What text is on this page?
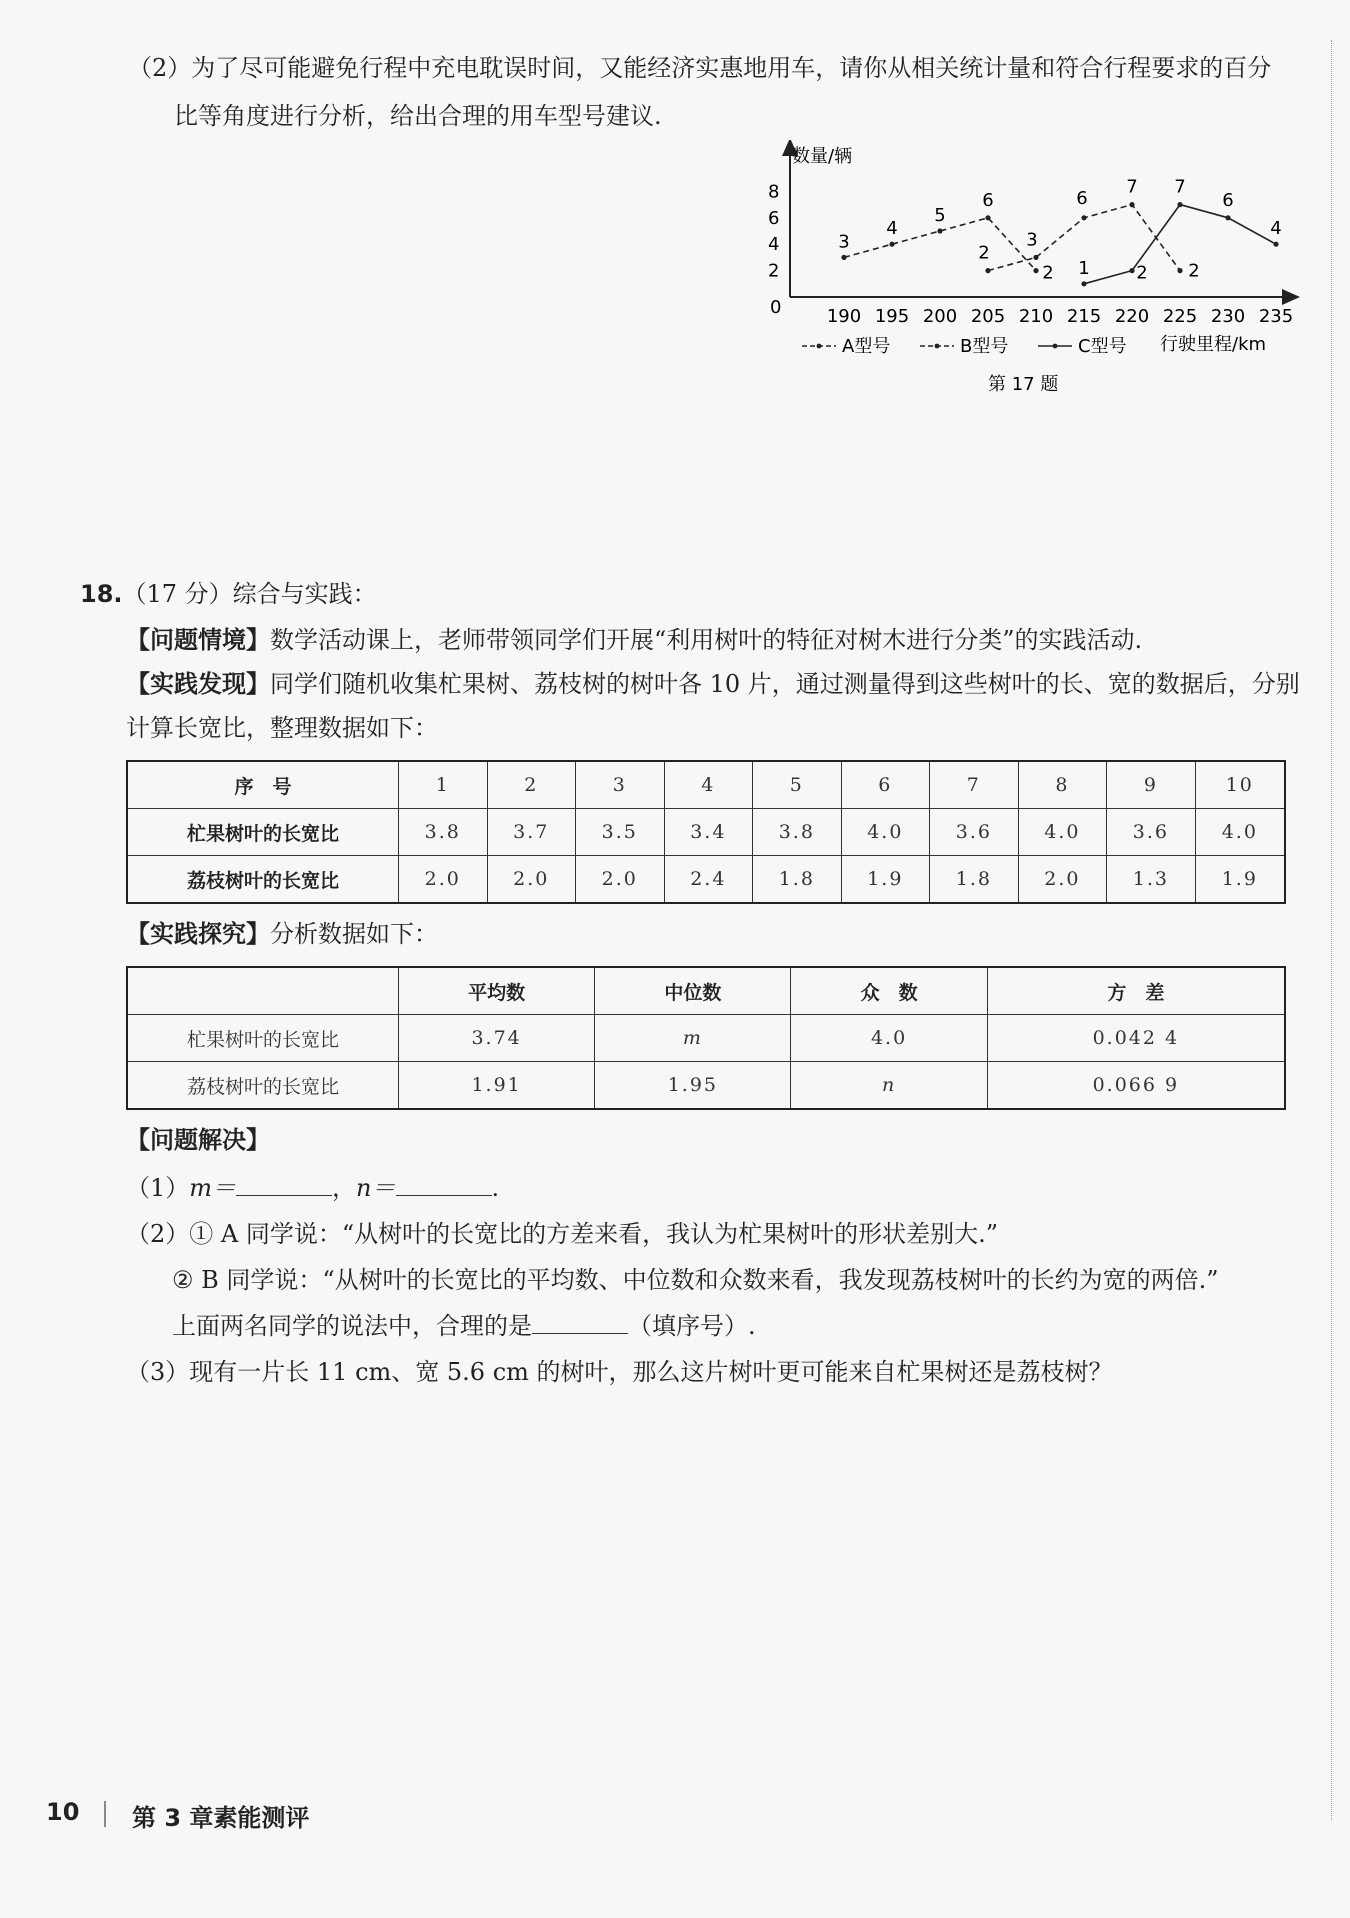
（2）为了尽可能避免行程中充电耽误时间，又能经济实惠地用车，请你从相关统计量和符合行程要求的百分
比等角度进行分析，给出合理的用车型号建议.
数量/辆
0
2
4
6
8
190 195 200 205 210 215 220 225 230 235
3
4
5
6
2
2
3
6
7
2
1	2
7
6
4
A型号	B型号	C型号 行驶里程/km
第 17 题
18.（17 分）综合与实践：
【问题情境】数学活动课上，老师带领同学们开展“利用树叶的特征对树木进行分类”的实践活动.
【实践发现】同学们随机收集杧果树、荔枝树的树叶各 10 片，通过测量得到这些树叶的长、宽的数据后，分别
计算长宽比，整理数据如下：
序　号	1	2	3	4	5	6	7	8	9	10
杧果树叶的长宽比	3.8	3.7	3.5	3.4	3.8	4.0	3.6	4.0	3.6	4.0
荔枝树叶的长宽比	2.0	2.0	2.0	2.4	1.8	1.9	1.8	2.0	1.3	1.9
【实践探究】分析数据如下：
	平均数	中位数	众　数	方　差
杧果树叶的长宽比	3.74	m	4.0	0.042 4
荔枝树叶的长宽比	1.91	1.95	n	0.066 9
【问题解决】
（1）m＝	，n＝	.
（2）① A 同学说：“从树叶的长宽比的方差来看，我认为杧果树叶的形状差别大.”
② B 同学说：“从树叶的长宽比的平均数、中位数和众数来看，我发现荔枝树叶的长约为宽的两倍.”
上面两名同学的说法中，合理的是	（填序号）.
（3）现有一片长 11 cm、宽 5.6 cm 的树叶，那么这片树叶更可能来自杧果树还是荔枝树？
10 第 3 章素能测评
